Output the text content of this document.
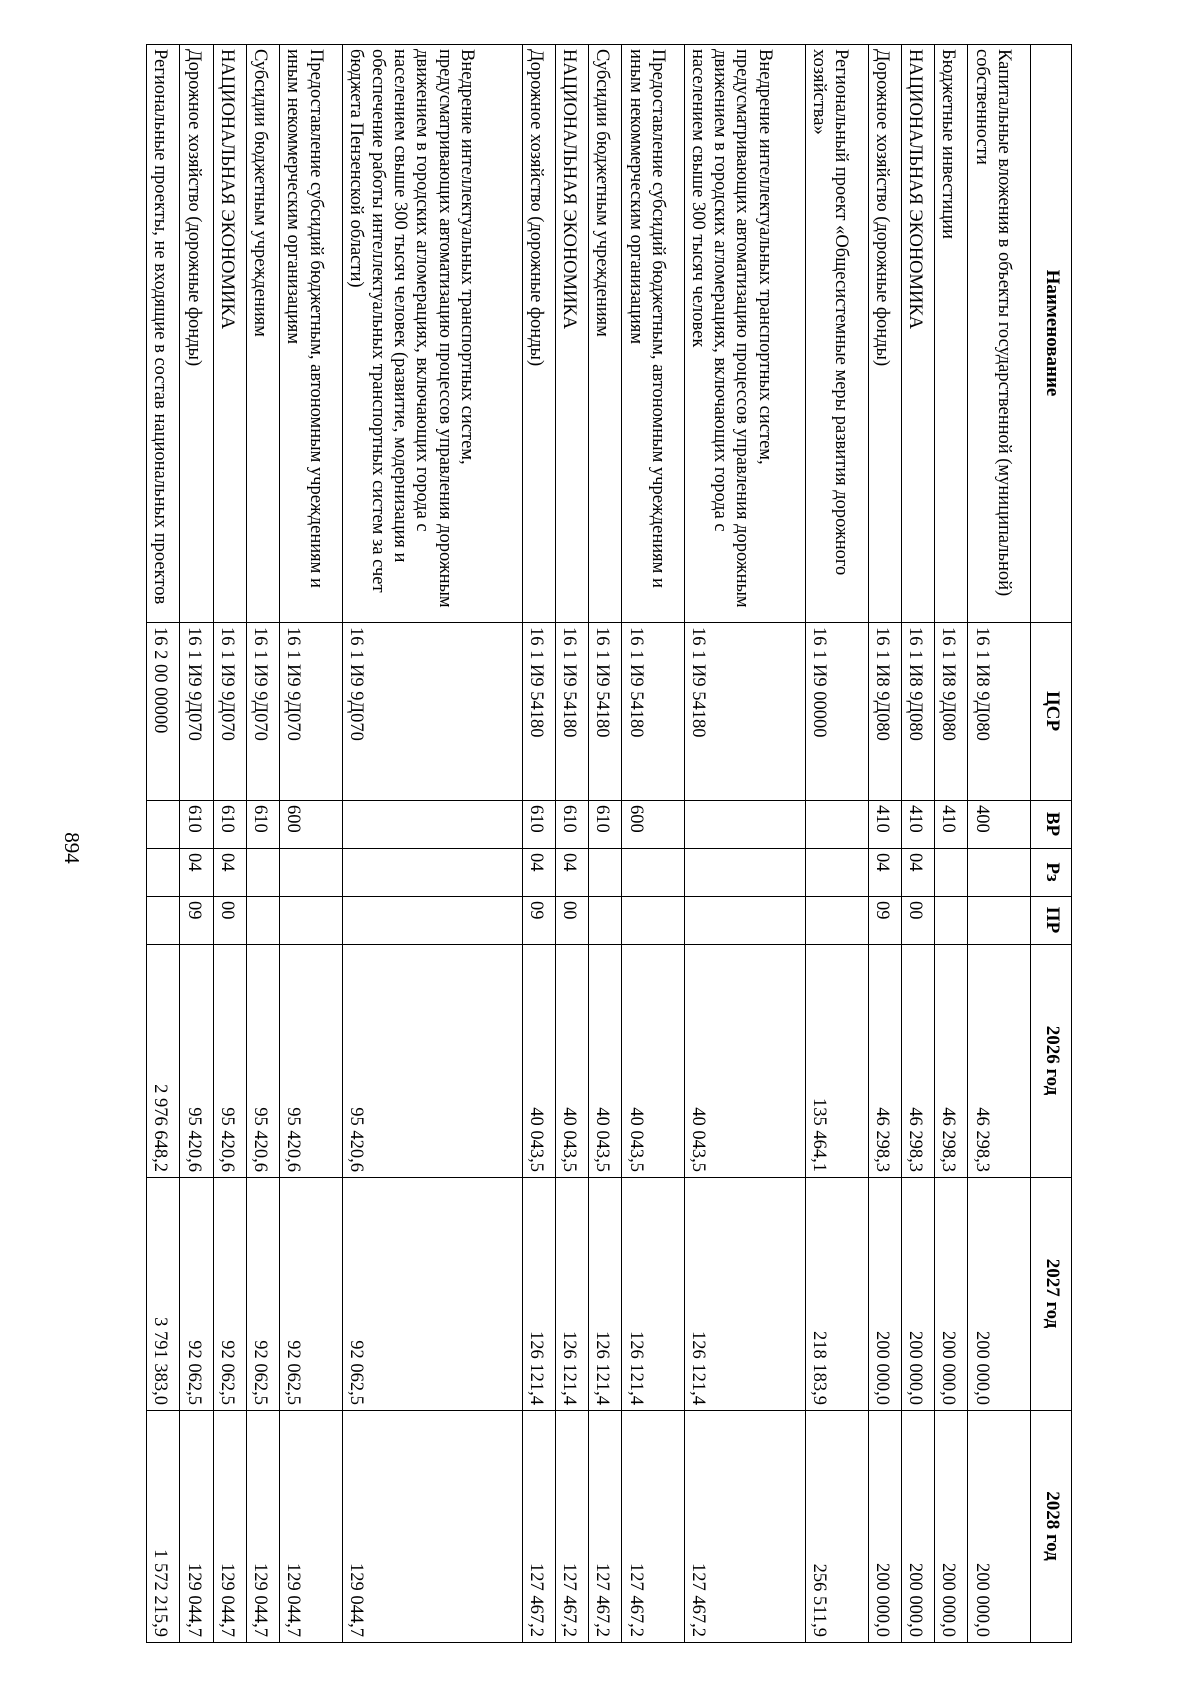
894
Наименование	ЦСР	ВР	Рз	ПР	2026 год	2027 год	2028 год
Капитальные вложения в объекты государственной (муниципальной) собственности	16 1 И8 9Д080	400			46 298,3	200 000,0	200 000,0
Бюджетные инвестиции	16 1 И8 9Д080	410			46 298,3	200 000,0	200 000,0
НАЦИОНАЛЬНАЯ ЭКОНОМИКА	16 1 И8 9Д080	410	04	00	46 298,3	200 000,0	200 000,0
Дорожное хозяйство (дорожные фонды)	16 1 И8 9Д080	410	04	09	46 298,3	200 000,0	200 000,0
Региональный проект «Общесистемные меры развития дорожного хозяйства»	16 1 И9 00000				135 464,1	218 183,9	256 511,9
Внедрение интеллектуальных транспортных систем, предусматривающих автоматизацию процессов управления дорожным движением в городских агломерациях, включающих города с населением свыше 300 тысяч человек	16 1 И9 54180				40 043,5	126 121,4	127 467,2
Предоставление субсидий бюджетным, автономным учреждениям и иным некоммерческим организациям	16 1 И9 54180	600			40 043,5	126 121,4	127 467,2
Субсидии бюджетным учреждениям	16 1 И9 54180	610			40 043,5	126 121,4	127 467,2
НАЦИОНАЛЬНАЯ ЭКОНОМИКА	16 1 И9 54180	610	04	00	40 043,5	126 121,4	127 467,2
Дорожное хозяйство (дорожные фонды)	16 1 И9 54180	610	04	09	40 043,5	126 121,4	127 467,2
Внедрение интеллектуальных транспортных систем, предусматривающих автоматизацию процессов управления дорожным движением в городских агломерациях, включающих города с населением свыше 300 тысяч человек (развитие, модернизация и обеспечение работы интеллектуальных транспортных систем за счет бюджета Пензенской области)	16 1 И9 9Д070				95 420,6	92 062,5	129 044,7
Предоставление субсидий бюджетным, автономным учреждениям и иным некоммерческим организациям	16 1 И9 9Д070	600			95 420,6	92 062,5	129 044,7
Субсидии бюджетным учреждениям	16 1 И9 9Д070	610			95 420,6	92 062,5	129 044,7
НАЦИОНАЛЬНАЯ ЭКОНОМИКА	16 1 И9 9Д070	610	04	00	95 420,6	92 062,5	129 044,7
Дорожное хозяйство (дорожные фонды)	16 1 И9 9Д070	610	04	09	95 420,6	92 062,5	129 044,7
Региональные проекты, не входящие в состав национальных проектов	16 2 00 00000				2 976 648,2	3 791 383,0	1 572 215,9
